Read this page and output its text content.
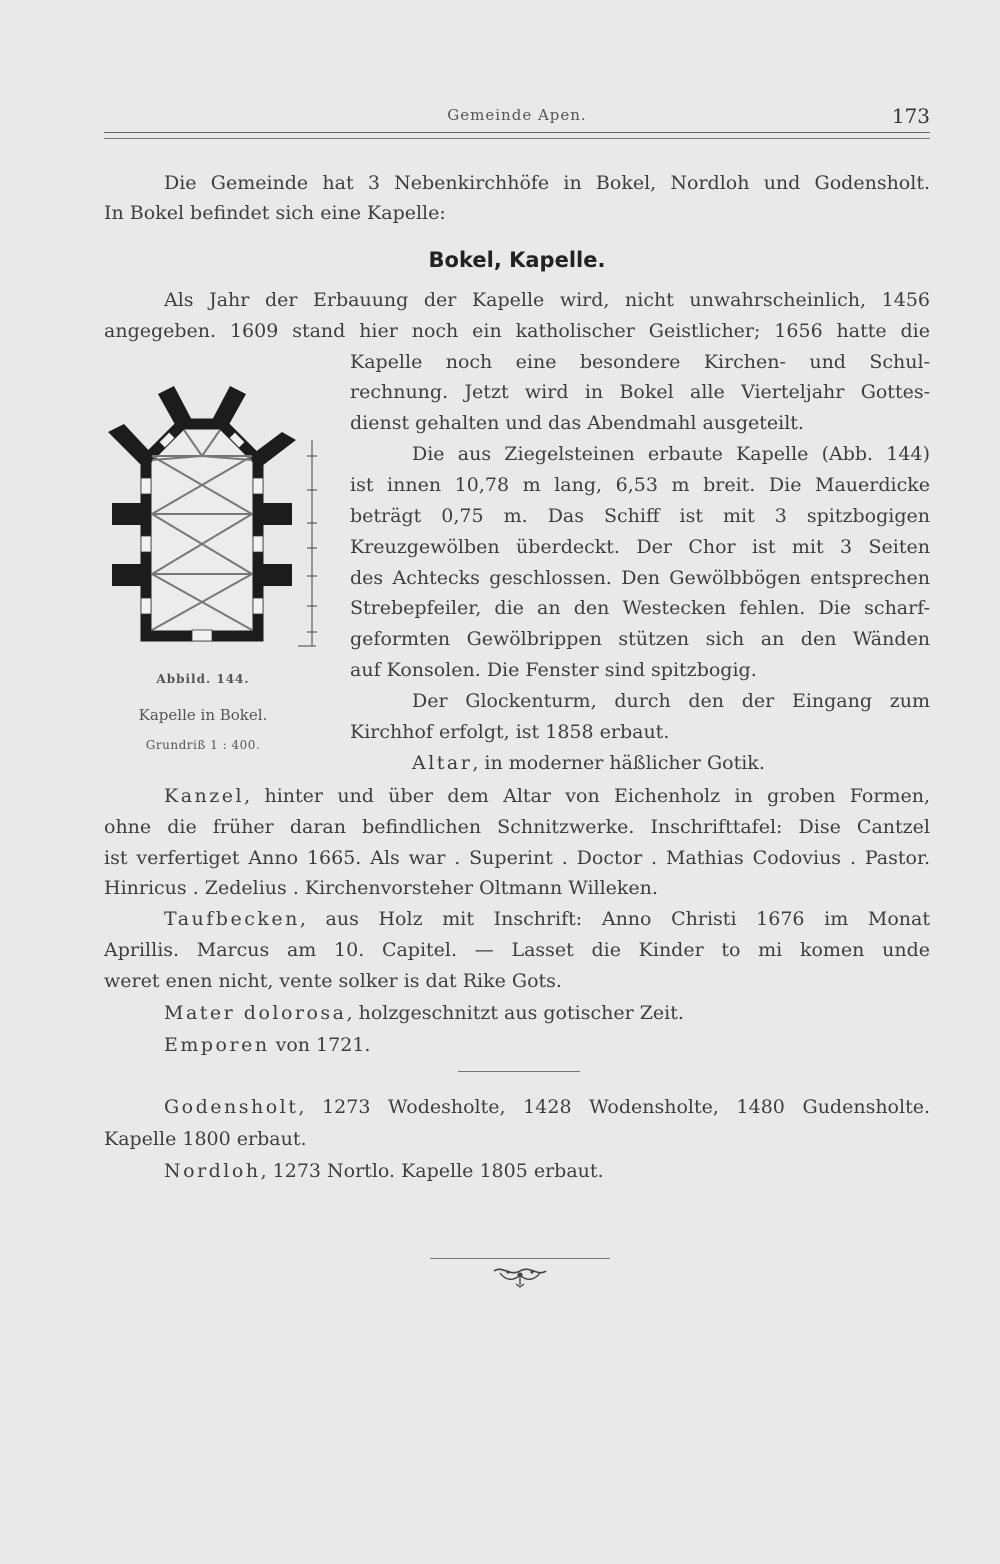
Gemeinde Apen.	173
Die Gemeinde hat 3 Nebenkirchhöfe in Bokel, Nordloh und Godensholt.
In Bokel befindet sich eine Kapelle:
Bokel, Kapelle.
Als Jahr der Erbauung der Kapelle wird, nicht unwahrscheinlich, 1456
angegeben. 1609 stand hier noch ein katholischer Geistlicher; 1656 hatte die
Kapelle noch eine besondere Kirchen- und Schul-
rechnung. Jetzt wird in Bokel alle Vierteljahr Gottes-
dienst gehalten und das Abendmahl ausgeteilt.
Die aus Ziegelsteinen erbaute Kapelle (Abb. 144)
ist innen 10,78 m lang, 6,53 m breit. Die Mauerdicke
beträgt 0,75 m. Das Schiff ist mit 3 spitzbogigen
Kreuzgewölben überdeckt. Der Chor ist mit 3 Seiten
des Achtecks geschlossen. Den Gewölbbögen entsprechen
Strebepfeiler, die an den Westecken fehlen. Die scharf-
geformten Gewölbrippen stützen sich an den Wänden
auf Konsolen. Die Fenster sind spitzbogig.
Der Glockenturm, durch den der Eingang zum
Kirchhof erfolgt, ist 1858 erbaut.
Altar, in moderner häßlicher Gotik.
Kanzel, hinter und über dem Altar von Eichenholz in groben Formen,
ohne die früher daran befindlichen Schnitzwerke. Inschrifttafel: Dise Cantzel
ist verfertiget Anno 1665. Als war . Superint . Doctor . Mathias Codovius . Pastor.
Hinricus . Zedelius . Kirchenvorsteher Oltmann Willeken.
Taufbecken, aus Holz mit Inschrift: Anno Christi 1676 im Monat
Aprillis. Marcus am 10. Capitel. — Lasset die Kinder to mi komen unde
weret enen nicht, vente solker is dat Rike Gots.
Mater dolorosa, holzgeschnitzt aus gotischer Zeit.
Emporen von 1721.
Godensholt, 1273 Wodesholte, 1428 Wodensholte, 1480 Gudensholte.
Kapelle 1800 erbaut.
Nordloh, 1273 Nortlo. Kapelle 1805 erbaut.
Abbild. 144.
Kapelle in Bokel.
Grundriß 1 : 400.
